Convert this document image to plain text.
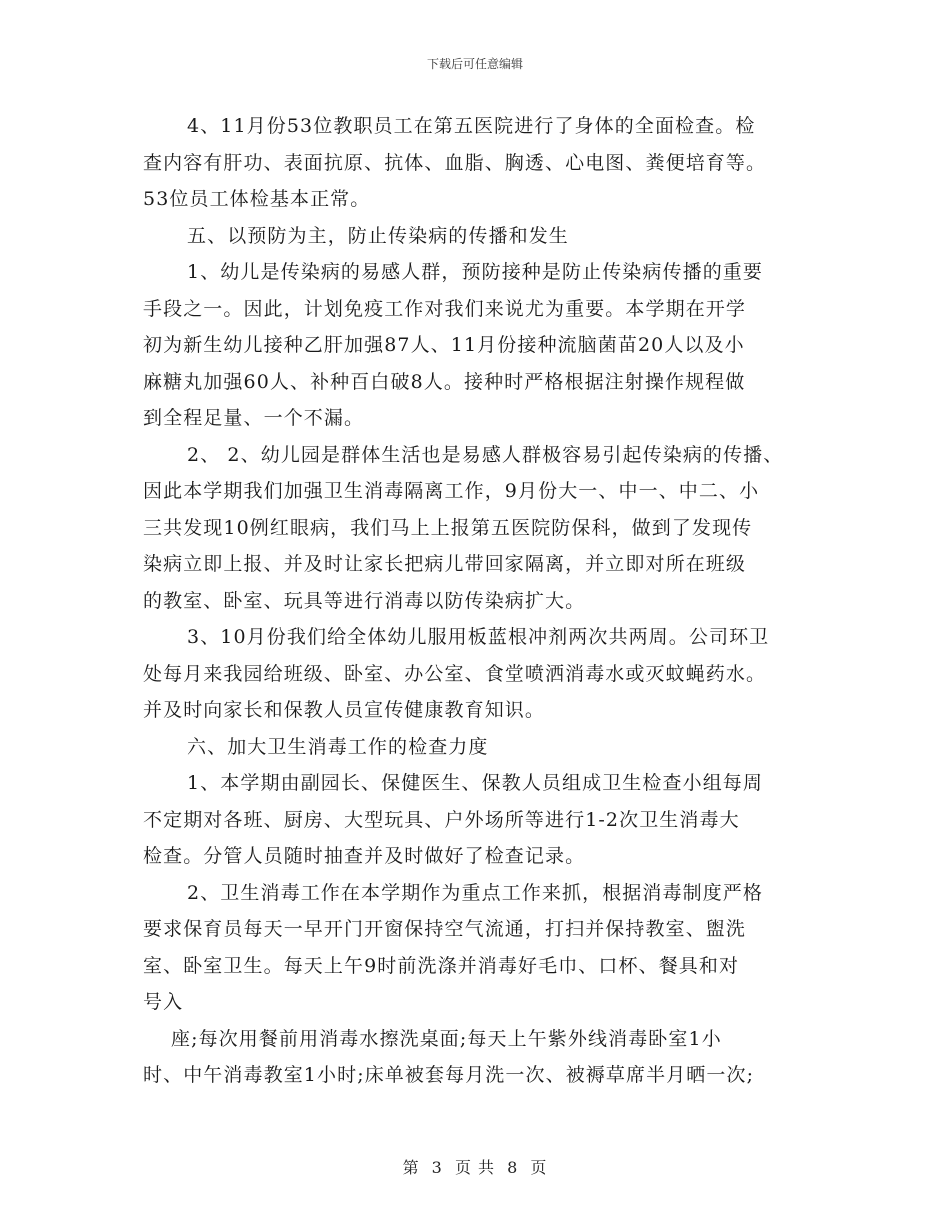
下载后可任意编辑
4、11月份53位教职员工在第五医院进行了身体的全面检查。检
查内容有肝功、表面抗原、抗体、血脂、胸透、心电图、粪便培育等。
53位员工体检基本正常。
五、以预防为主，防止传染病的传播和发生
1、幼儿是传染病的易感人群，预防接种是防止传染病传播的重要
手段之一。因此，计划免疫工作对我们来说尤为重要。本学期在开学
初为新生幼儿接种乙肝加强87人、11月份接种流脑菌苗20人以及小
麻糖丸加强60人、补种百白破8人。接种时严格根据注射操作规程做
到全程足量、一个不漏。
2、 2、幼儿园是群体生活也是易感人群极容易引起传染病的传播、
因此本学期我们加强卫生消毒隔离工作，9月份大一、中一、中二、小
三共发现10例红眼病，我们马上上报第五医院防保科，做到了发现传
染病立即上报、并及时让家长把病儿带回家隔离，并立即对所在班级
的教室、卧室、玩具等进行消毒以防传染病扩大。
3、10月份我们给全体幼儿服用板蓝根冲剂两次共两周。公司环卫
处每月来我园给班级、卧室、办公室、食堂喷洒消毒水或灭蚊蝇药水。
并及时向家长和保教人员宣传健康教育知识。
六、加大卫生消毒工作的检查力度
1、本学期由副园长、保健医生、保教人员组成卫生检查小组每周
不定期对各班、厨房、大型玩具、户外场所等进行1-2次卫生消毒大
检查。分管人员随时抽查并及时做好了检查记录。
2、卫生消毒工作在本学期作为重点工作来抓，根据消毒制度严格
要求保育员每天一早开门开窗保持空气流通，打扫并保持教室、盥洗
室、卧室卫生。每天上午9时前洗涤并消毒好毛巾、口杯、餐具和对
号入
座;每次用餐前用消毒水擦洗桌面;每天上午紫外线消毒卧室1小
时、中午消毒教室1小时;床单被套每月洗一次、被褥草席半月晒一次;
第 3 页 共 8 页
